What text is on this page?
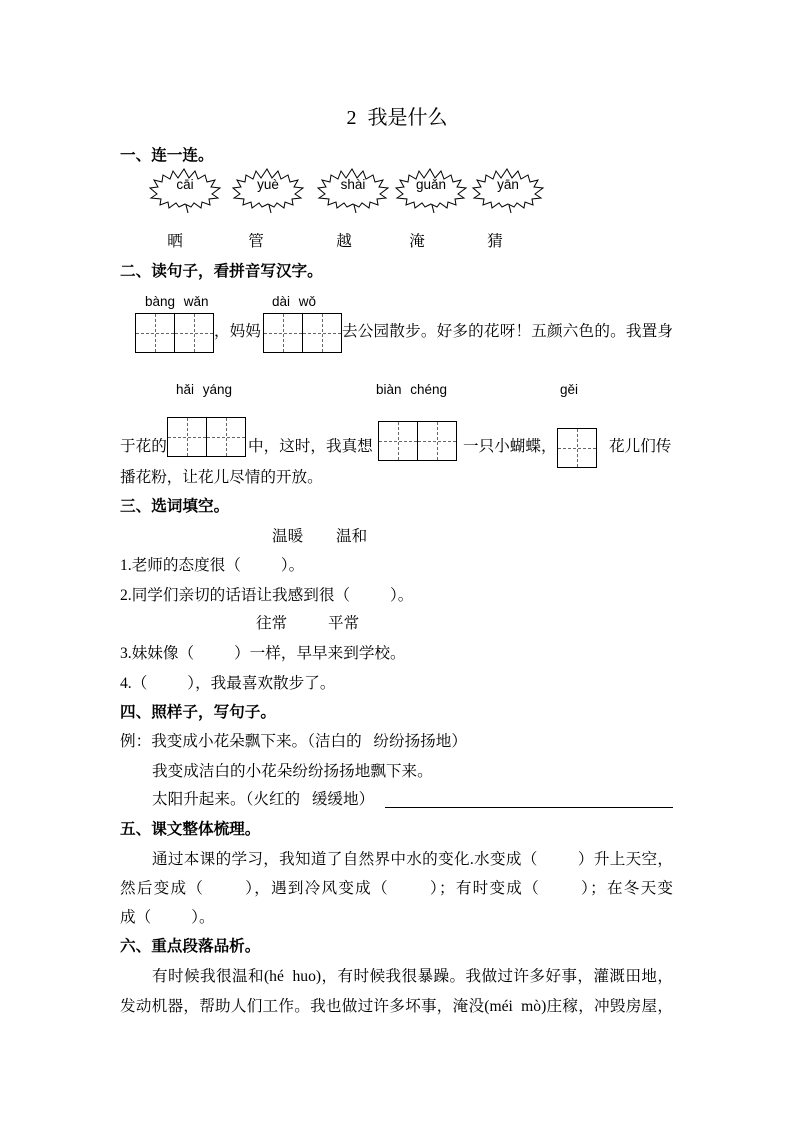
2 我是什么
一、连一连。
cāi	yuè	shài	guǎn	yān
晒	管	越	淹	猜
二、读句子，看拼音写汉字。
bàng wǎn	dài wǒ
，妈妈	去公园散步。好多的花呀！五颜六色的。我置身
hǎi yáng	biàn chéng	gěi
于花的	中，这时，我真想	一只小蝴蝶，	花儿们传
播花粉，让花儿尽情的开放。
三、选词填空。
温暖 温和
1.老师的态度很（	）。
2.同学们亲切的话语让我感到很（	）。
往常	平常
3.妹妹像（	）一样，早早来到学校。
4.（	），我最喜欢散步了。
四、照样子，写句子。
例：我变成小花朵飘下来。（洁白的   纷纷扬扬地）
我变成洁白的小花朵纷纷扬扬地飘下来。
太阳升起来。（火红的   缓缓地）
五、课文整体梳理。
通过本课的学习，我知道了自然界中水的变化.水变成（	）升上天空，
然后变成（	），遇到冷风变成（	）；有时变成（	）；在冬天变
成（	）。
六、重点段落品析。
有时候我很温和(hé  huo)，有时候我很暴躁。我做过许多好事，灌溉田地，
发动机器，帮助人们工作。我也做过许多坏事，淹没(méi  mò)庄稼，冲毁房屋，
